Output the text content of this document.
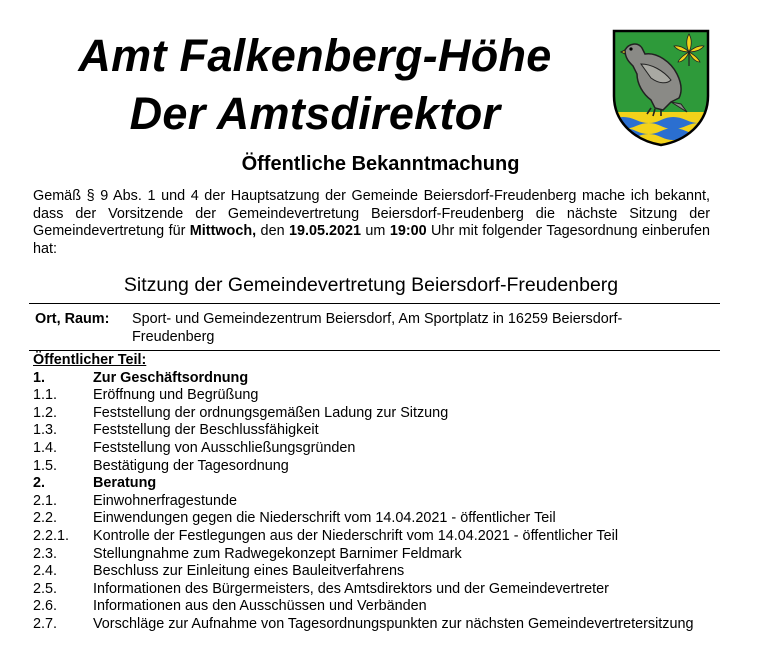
Amt Falkenberg-Höhe
Der Amtsdirektor
Öffentliche Bekanntmachung
Gemäß § 9 Abs. 1 und 4 der Hauptsatzung der Gemeinde Beiersdorf-Freudenberg mache ich bekannt, dass der Vorsitzende der Gemeindevertretung Beiersdorf-Freudenberg die nächste Sitzung der Gemeindevertretung für Mittwoch, den 19.05.2021 um 19:00 Uhr mit folgender Tagesordnung einberufen hat:
Sitzung der Gemeindevertretung Beiersdorf-Freudenberg
Ort, Raum: Sport- und Gemeindezentrum Beiersdorf, Am Sportplatz in 16259 Beiersdorf-Freudenberg
Öffentlicher Teil:
1.	Zur Geschäftsordnung
1.1. Eröffnung und Begrüßung
1.2. Feststellung der ordnungsgemäßen Ladung zur Sitzung
1.3. Feststellung der Beschlussfähigkeit
1.4. Feststellung von Ausschließungsgründen
1.5. Bestätigung der Tagesordnung
2.	Beratung
2.1. Einwohnerfragestunde
2.2. Einwendungen gegen die Niederschrift vom 14.04.2021 - öffentlicher Teil
2.2.1. Kontrolle der Festlegungen aus der Niederschrift vom 14.04.2021 - öffentlicher Teil
2.3. Stellungnahme zum Radwegekonzept Barnimer Feldmark
2.4. Beschluss zur Einleitung eines Bauleitverfahrens
2.5. Informationen des Bürgermeisters, des Amtsdirektors und der Gemeindevertreter
2.6. Informationen aus den Ausschüssen und Verbänden
2.7. Vorschläge zur Aufnahme von Tagesordnungspunkten zur nächsten Gemeindevertretersitzung
